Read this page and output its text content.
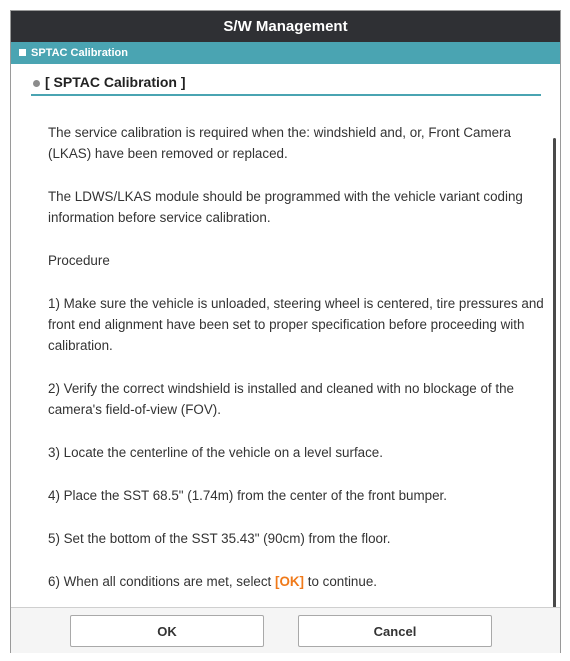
S/W Management
SPTAC Calibration
[ SPTAC Calibration ]

The service calibration is required when the: windshield and, or, Front Camera (LKAS) have been removed or replaced.

The LDWS/LKAS module should be programmed with the vehicle variant coding information before service calibration.

Procedure

1) Make sure the vehicle is unloaded, steering wheel is centered, tire pressures and front end alignment have been set to proper specification before proceeding with calibration.

2) Verify the correct windshield is installed and cleaned with no blockage of the camera's field-of-view (FOV).

3) Locate the centerline of the vehicle on a level surface.

4) Place the SST 68.5" (1.74m) from the center of the front bumper.

5) Set the bottom of the SST 35.43" (90cm) from the floor.

6) When all conditions are met, select [OK] to continue.

OK	Cancel
